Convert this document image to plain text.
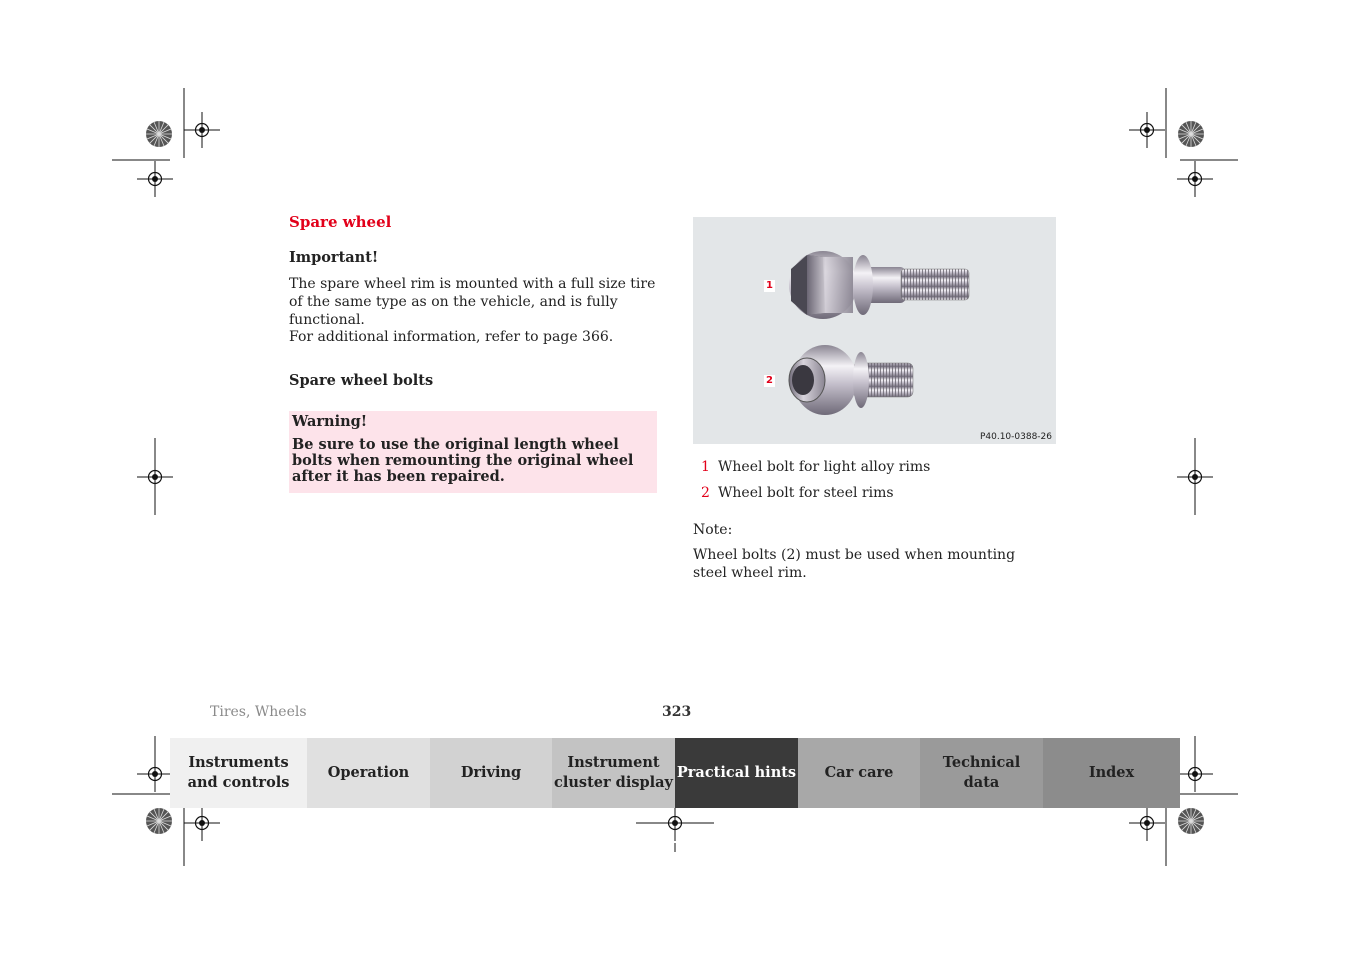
Spare wheel
Important!

The spare wheel rim is mounted with a full size tire of the same type as on the vehicle, and is fully functional.

For additional information, refer to page 366.

Spare wheel bolts

Warning!

Be sure to use the original length wheel bolts when remounting the original wheel after it has been repaired.

1
2
P40.10-0388-26
1 Wheel bolt for light alloy rims
2 Wheel bolt for steel rims

Note:

Wheel bolts (2) must be used when mounting steel wheel rim.

Tires, Wheels	323
Instruments
and controls
Operation	Driving
Instrument
cluster display
Practical hints Car care
Technical
data
Index
